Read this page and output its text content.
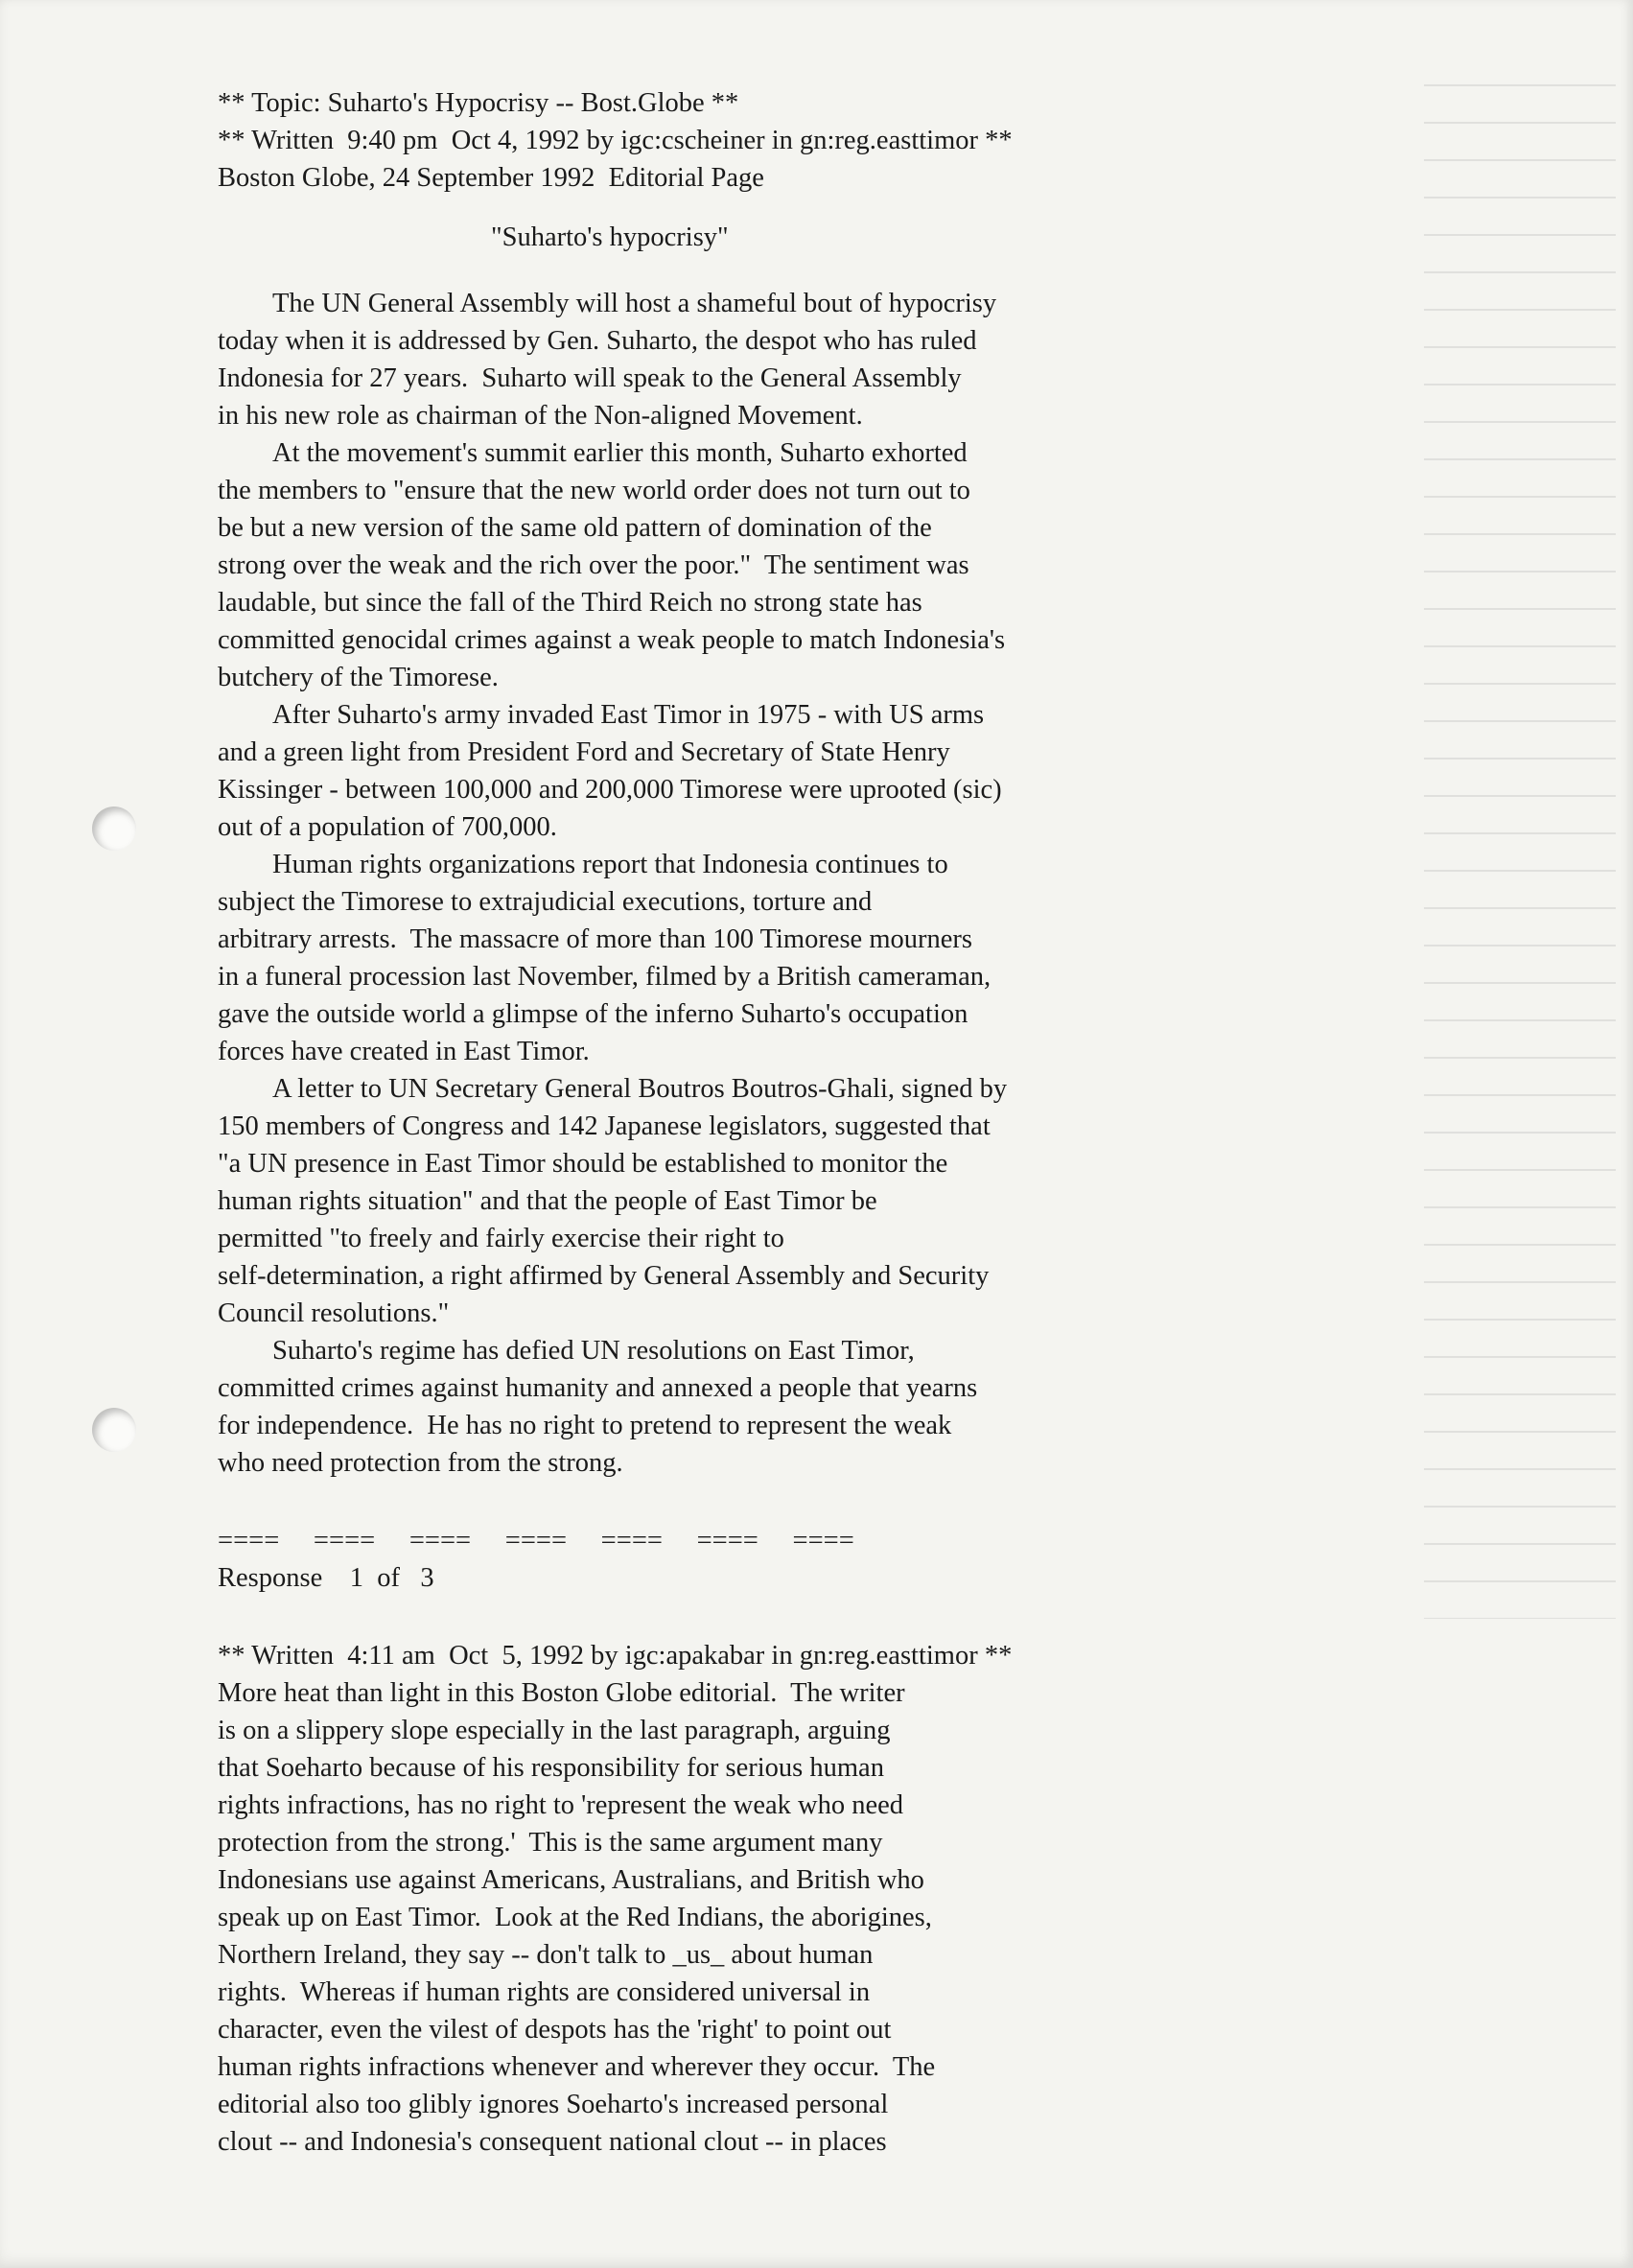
** Topic: Suharto's Hypocrisy -- Bost.Globe **

** Written  9:40 pm  Oct 4, 1992 by igc:cscheiner in gn:reg.easttimor **

Boston Globe, 24 September 1992  Editorial Page

"Suharto's hypocrisy"

The UN General Assembly will host a shameful bout of hypocrisy

today when it is addressed by Gen. Suharto, the despot who has ruled

Indonesia for 27 years.  Suharto will speak to the General Assembly

in his new role as chairman of the Non-aligned Movement.

At the movement's summit earlier this month, Suharto exhorted

the members to "ensure that the new world order does not turn out to

be but a new version of the same old pattern of domination of the

strong over the weak and the rich over the poor."  The sentiment was

laudable, but since the fall of the Third Reich no strong state has

committed genocidal crimes against a weak people to match Indonesia's

butchery of the Timorese.

After Suharto's army invaded East Timor in 1975 - with US arms

and a green light from President Ford and Secretary of State Henry

Kissinger - between 100,000 and 200,000 Timorese were uprooted (sic)

out of a population of 700,000.

Human rights organizations report that Indonesia continues to

subject the Timorese to extrajudicial executions, torture and

arbitrary arrests.  The massacre of more than 100 Timorese mourners

in a funeral procession last November, filmed by a British cameraman,

gave the outside world a glimpse of the inferno Suharto's occupation

forces have created in East Timor.

A letter to UN Secretary General Boutros Boutros-Ghali, signed by

150 members of Congress and 142 Japanese legislators, suggested that

"a UN presence in East Timor should be established to monitor the

human rights situation" and that the people of East Timor be

permitted "to freely and fairly exercise their right to

self-determination, a right affirmed by General Assembly and Security

Council resolutions."

Suharto's regime has defied UN resolutions on East Timor,

committed crimes against humanity and annexed a people that yearns

for independence.  He has no right to pretend to represent the weak

who need protection from the strong.

====     ====     ====     ====     ====     ====     ====

Response    1  of   3

** Written  4:11 am  Oct  5, 1992 by igc:apakabar in gn:reg.easttimor **

More heat than light in this Boston Globe editorial.  The writer

is on a slippery slope especially in the last paragraph, arguing

that Soeharto because of his responsibility for serious human

rights infractions, has no right to 'represent the weak who need

protection from the strong.'  This is the same argument many

Indonesians use against Americans, Australians, and British who

speak up on East Timor.  Look at the Red Indians, the aborigines,

Northern Ireland, they say -- don't talk to _us_ about human

rights.  Whereas if human rights are considered universal in

character, even the vilest of despots has the 'right' to point out

human rights infractions whenever and wherever they occur.  The

editorial also too glibly ignores Soeharto's increased personal

clout -- and Indonesia's consequent national clout -- in places
